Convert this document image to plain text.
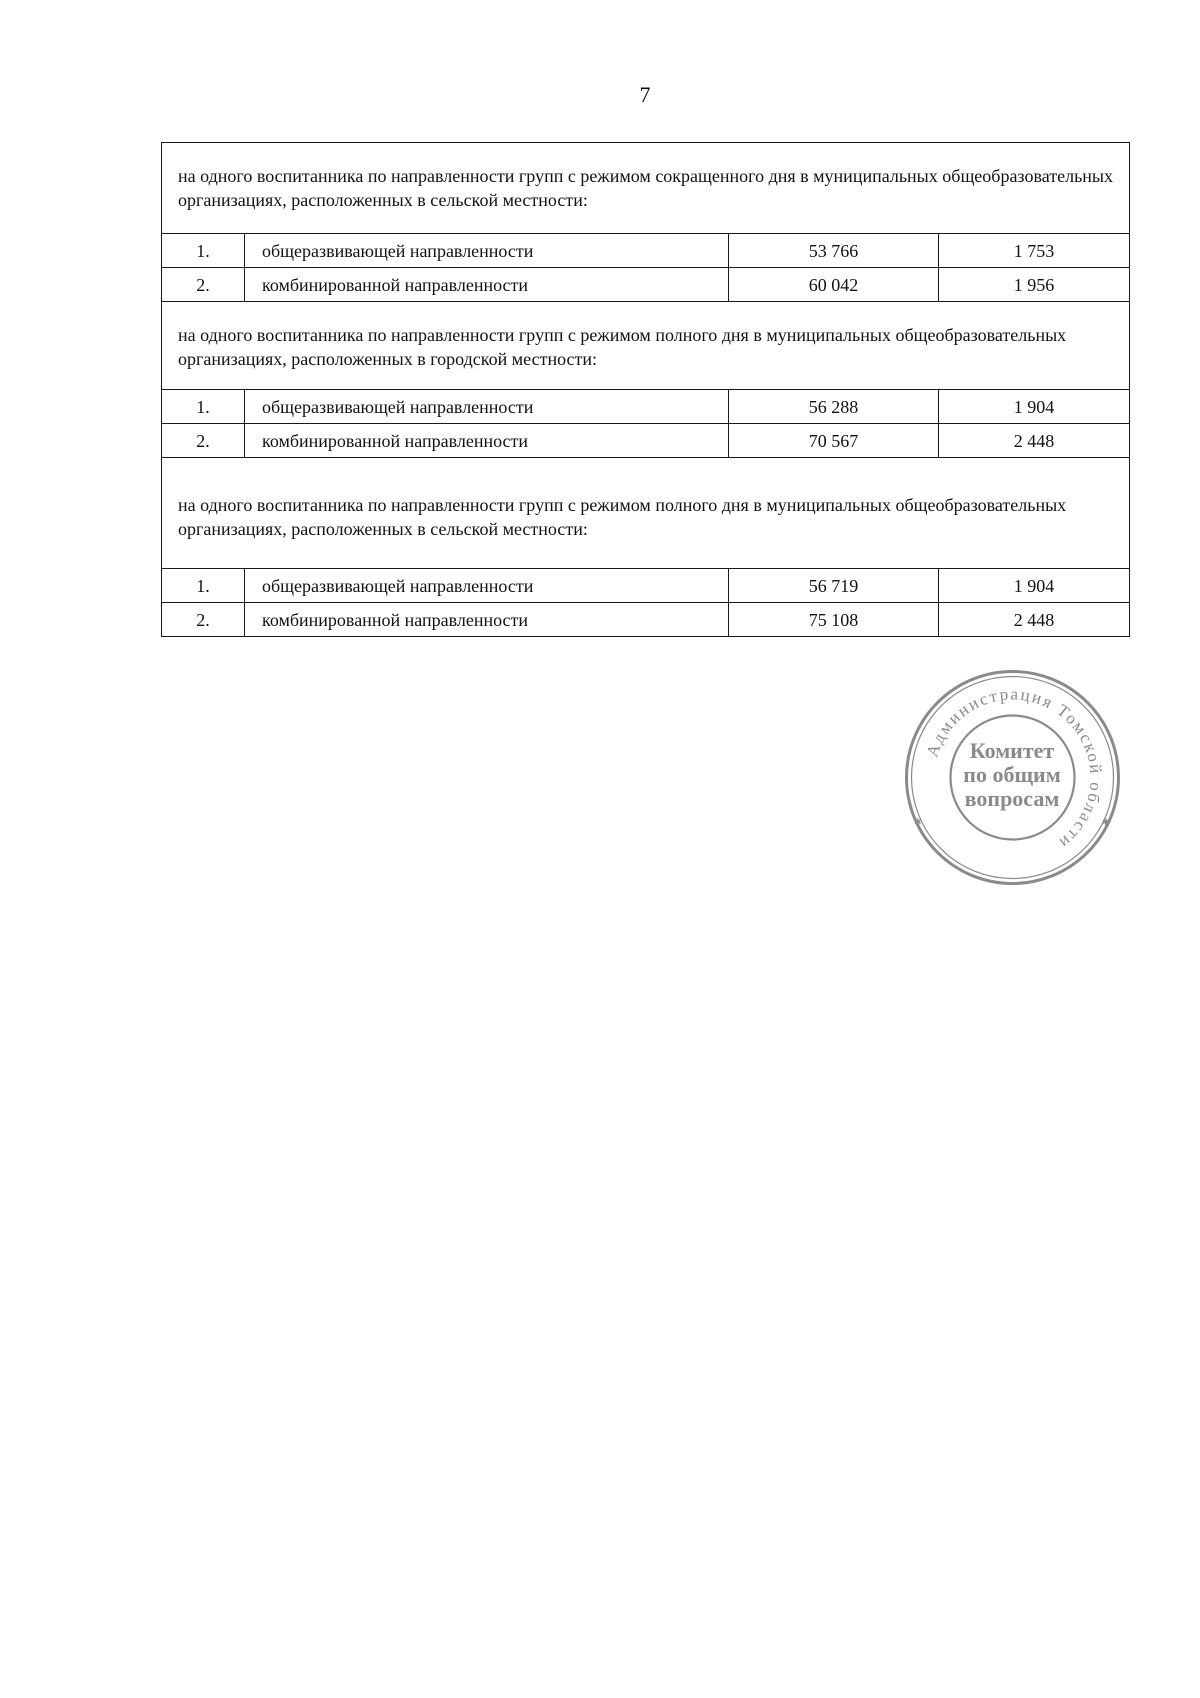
7
на одного воспитанника по направленности групп с режимом сокращенного дня в муниципальных общеобразовательных организациях, расположенных в сельской местности:			
1.	общеразвивающей направленности	53 766	1 753
2.	комбинированной направленности	60 042	1 956
на одного воспитанника по направленности групп с режимом полного дня в муниципальных общеобразовательных организациях, расположенных в городской местности:			
1.	общеразвивающей направленности	56 288	1 904
2.	комбинированной направленности	70 567	2 448
на одного воспитанника по направленности групп с режимом полного дня в муниципальных общеобразовательных организациях, расположенных в сельской местности:			
1.	общеразвивающей направленности	56 719	1 904
2.	комбинированной направленности	75 108	2 448
Администрация Томской области
✱	✱
Комитет
по общим
вопросам
